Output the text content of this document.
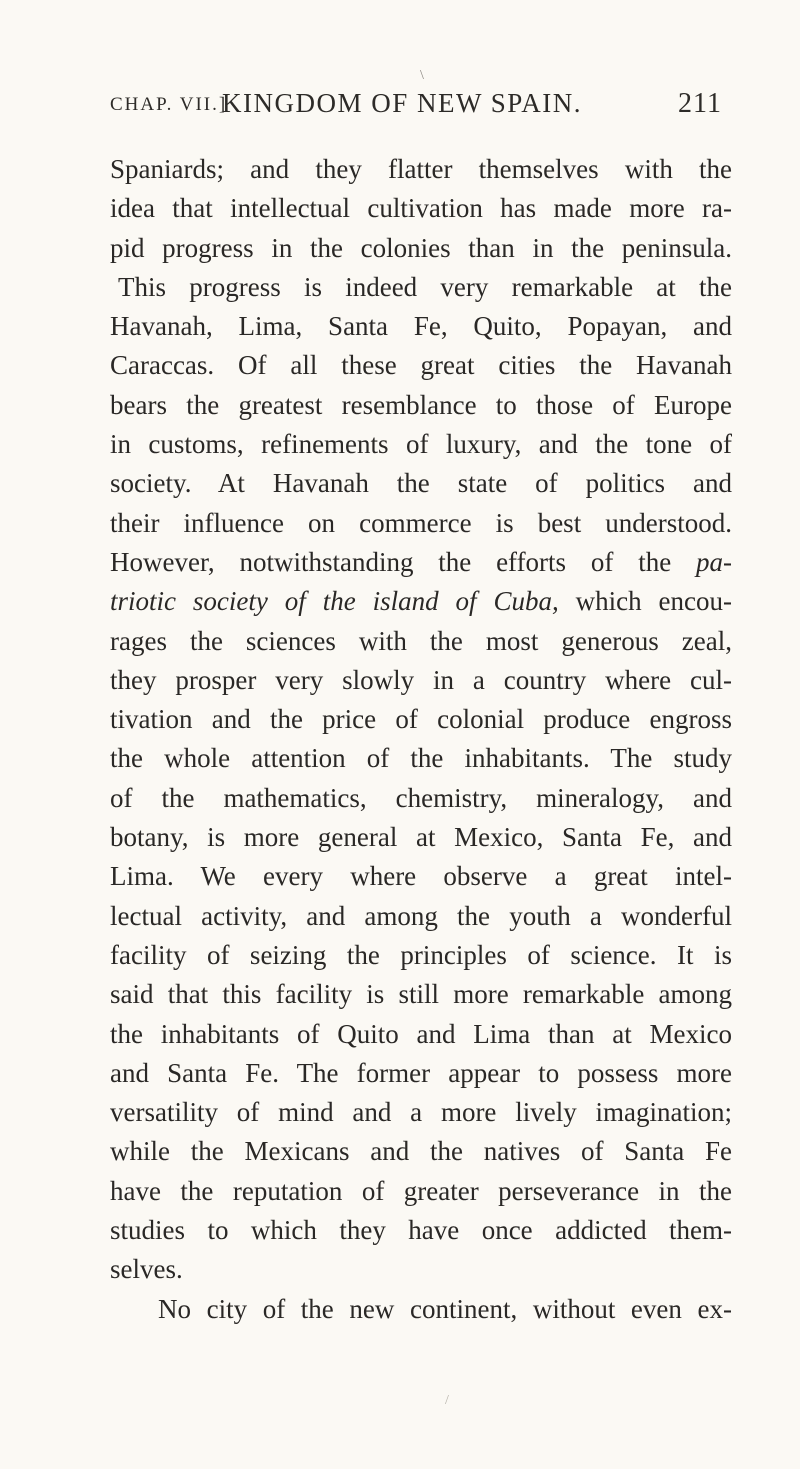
CHAP. VII.]
KINGDOM OF NEW SPAIN.	211
Spaniards; and they flatter themselves with the
idea that intellectual cultivation has made more ra-
pid progress in the colonies than in the peninsula.
This progress is indeed very remarkable at the
Havanah, Lima, Santa Fe, Quito, Popayan, and
Caraccas. Of all these great cities the Havanah
bears the greatest resemblance to those of Europe
in customs, refinements of luxury, and the tone of
society. At Havanah the state of politics and
their influence on commerce is best understood.
However, notwithstanding the efforts of the pa-
triotic society of the island of Cuba, which encou-
rages the sciences with the most generous zeal,
they prosper very slowly in a country where cul-
tivation and the price of colonial produce engross
the whole attention of the inhabitants. The study
of the mathematics, chemistry, mineralogy, and
botany, is more general at Mexico, Santa Fe, and
Lima. We every where observe a great intel-
lectual activity, and among the youth a wonderful
facility of seizing the principles of science. It is
said that this facility is still more remarkable among
the inhabitants of Quito and Lima than at Mexico
and Santa Fe. The former appear to possess more
versatility of mind and a more lively imagination;
while the Mexicans and the natives of Santa Fe
have the reputation of greater perseverance in the
studies to which they have once addicted them-
selves.
No city of the new continent, without even ex-
\
/
